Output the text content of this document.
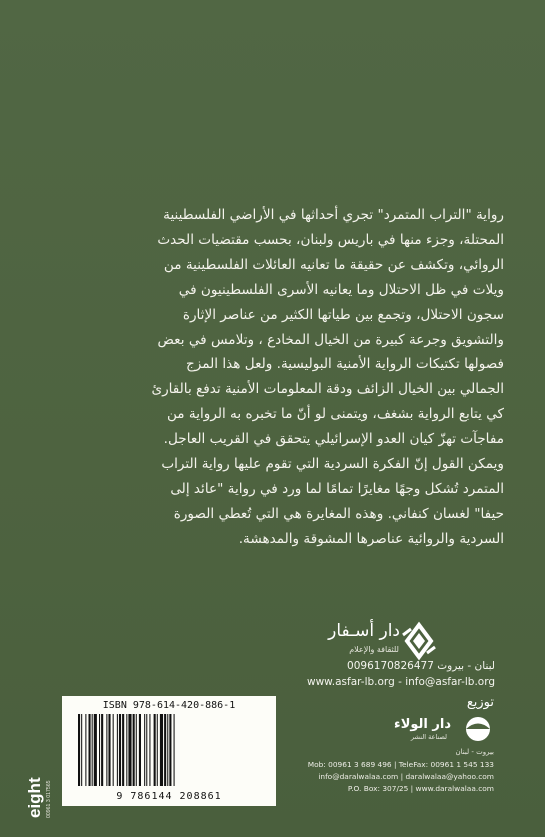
رواية "التراب المتمرد" تجري أحداثها في الأراضي الفلسطينية

المحتلة، وجزء منها في باريس ولبنان، بحسب مقتضيات الحدث

الروائي، وتكشف عن حقيقة ما تعانيه العائلات الفلسطينية من

ويلات في ظل الاحتلال وما يعانيه الأسرى الفلسطينيون في

سجون الاحتلال، وتجمع بين طياتها الكثير من عناصر الإثارة

والتشويق وجرعة كبيرة من الخيال المخادع ، وتلامس في بعض

فصولها تكتيكات الرواية الأمنية البوليسية. ولعل هذا المزج

الجمالي بين الخيال الزائف ودقة المعلومات الأمنية تدفع بالقارئ

كي يتابع الرواية بشغف، ويتمنى لو أنّ ما تخبره به الرواية من

مفاجآت تهزّ كيان العدو الإسرائيلي يتحقق في القريب العاجل.

ويمكن القول إنّ الفكرة السردية التي تقوم عليها رواية التراب

المتمرد تُشكل وجهًا مغايرًا تمامًا لما ورد في رواية "عائد إلى

حيفا" لغسان كنفاني. وهذه المغايرة هي التي تُعطي الصورة

السردية والروائية عناصرها المشوقة والمدهشة.

دار أسـفار
للثقافة والإعلام
لبنان - بيروت 0096170826477
www.asfar-lb.org - info@asfar-lb.org
ISBN 978-614-420-886-1
9 786144 208861
توزيع
دار الولاء
لصناعة النشر
بيروت - لبنان
Mob: 00961 3 689 496 | TeleFax: 00961 1 545 133
info@daralwalaa.com | daralwalaa@yahoo.com
P.O. Box: 307/25 | www.daralwalaa.com
eight 00961 3 017565
